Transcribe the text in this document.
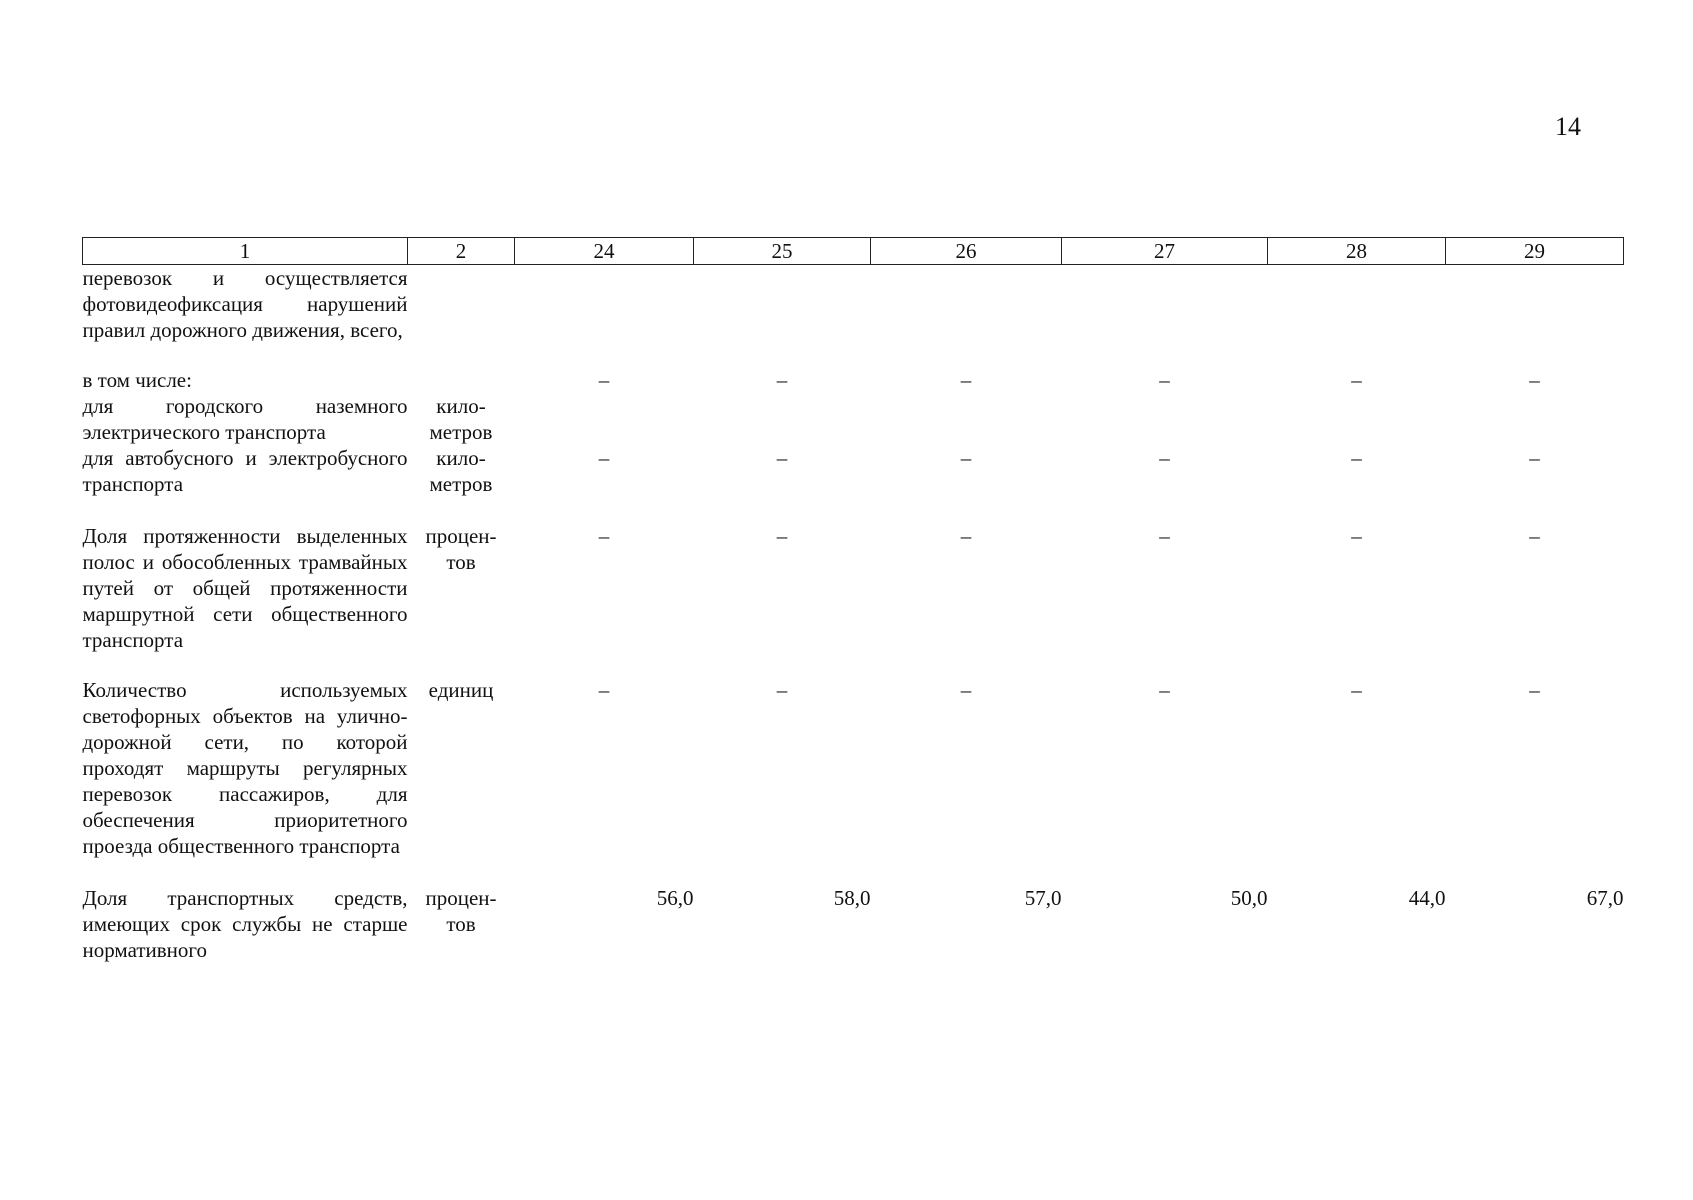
14
1	2	24	25	26	27	28	29
перевозок и осуществляется фотовидеофиксация нарушений правил дорожного движения, всего,							

в том числе:		–	–	–	–	–	–
для городского наземного электрического транспорта	кило-
метров						

для автобусного и электробусного транспорта	кило-
метров	–	–	–	–	–	–

Доля протяженности выделенных полос и обособленных трамвайных путей от общей протяженности маршрутной сети общественного транспорта	процен-
тов	–	–	–	–	–	–

Количество используемых светофорных объектов на улично-дорожной сети, по которой проходят маршруты регулярных перевозок пассажиров, для обеспечения приоритетного проезда общественного транспорта	единиц	–	–	–	–	–	–

Доля транспортных средств, имеющих срок службы не старше нормативного	процен-
тов	56,0	58,0	57,0	50,0	44,0	67,0
